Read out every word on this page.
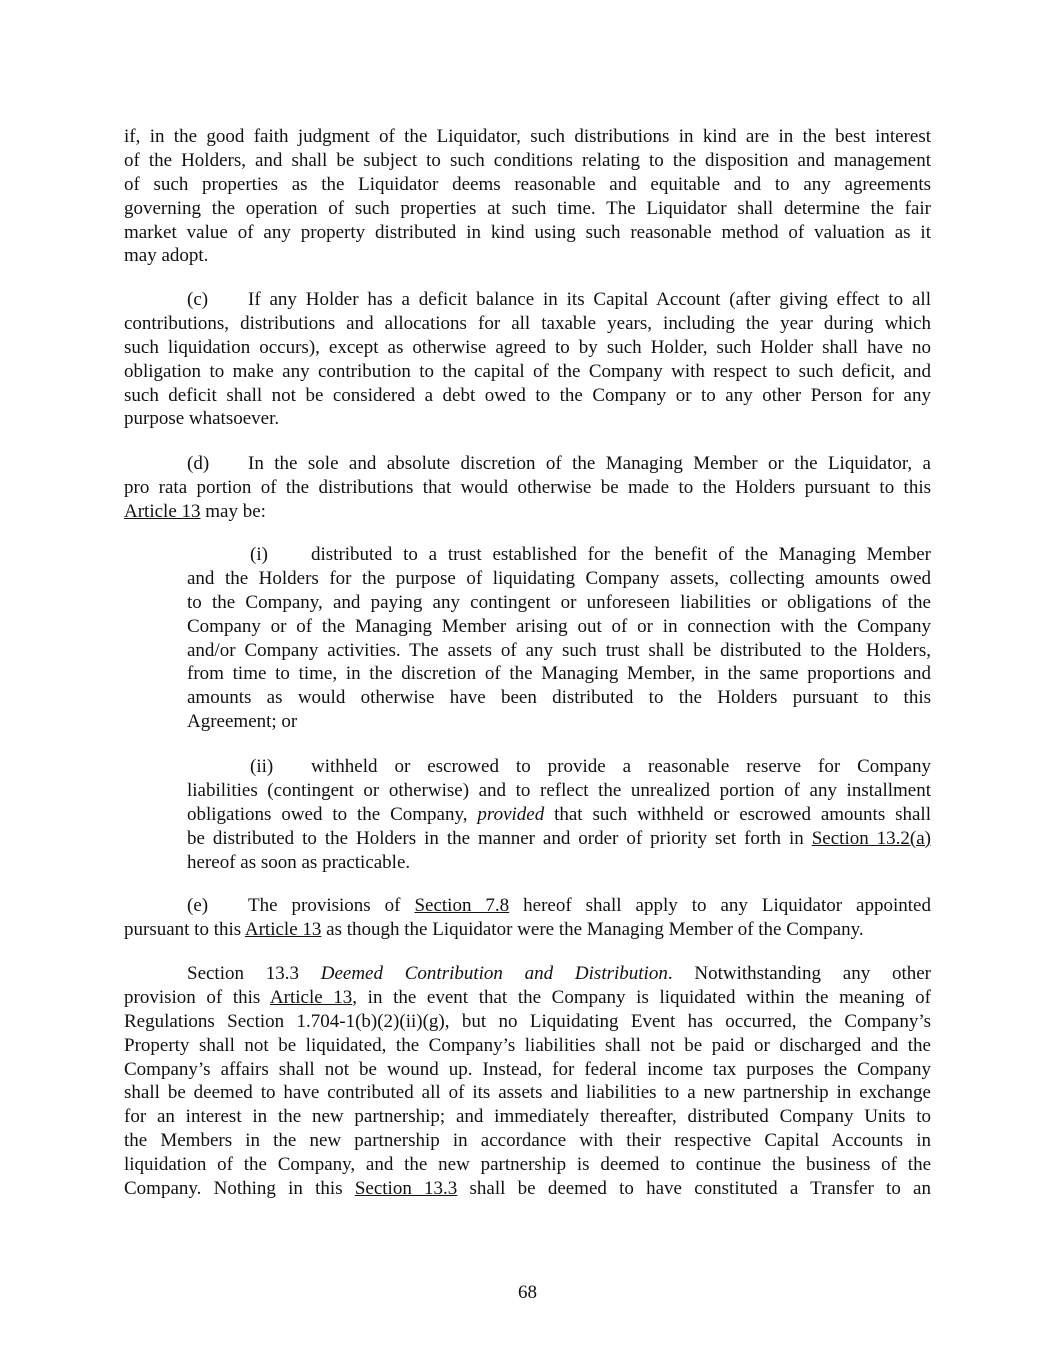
if, in the good faith judgment of the Liquidator, such distributions in kind are in the best interest
of the Holders, and shall be subject to such conditions relating to the disposition and management
of such properties as the Liquidator deems reasonable and equitable and to any agreements
governing the operation of such properties at such time. The Liquidator shall determine the fair
market value of any property distributed in kind using such reasonable method of valuation as it
may adopt.
(c) If any Holder has a deficit balance in its Capital Account (after giving effect to all
contributions, distributions and allocations for all taxable years, including the year during which
such liquidation occurs), except as otherwise agreed to by such Holder, such Holder shall have no
obligation to make any contribution to the capital of the Company with respect to such deficit, and
such deficit shall not be considered a debt owed to the Company or to any other Person for any
purpose whatsoever.
(d) In the sole and absolute discretion of the Managing Member or the Liquidator, a
pro rata portion of the distributions that would otherwise be made to the Holders pursuant to this
Article 13 may be:
(i) distributed to a trust established for the benefit of the Managing Member
and the Holders for the purpose of liquidating Company assets, collecting amounts owed
to the Company, and paying any contingent or unforeseen liabilities or obligations of the
Company or of the Managing Member arising out of or in connection with the Company
and/or Company activities. The assets of any such trust shall be distributed to the Holders,
from time to time, in the discretion of the Managing Member, in the same proportions and
amounts as would otherwise have been distributed to the Holders pursuant to this
Agreement; or
(ii) withheld or escrowed to provide a reasonable reserve for Company
liabilities (contingent or otherwise) and to reflect the unrealized portion of any installment
obligations owed to the Company, provided that such withheld or escrowed amounts shall
be distributed to the Holders in the manner and order of priority set forth in Section 13.2(a)
hereof as soon as practicable.
(e) The provisions of Section 7.8 hereof shall apply to any Liquidator appointed
pursuant to this Article 13 as though the Liquidator were the Managing Member of the Company.
Section 13.3 Deemed Contribution and Distribution. Notwithstanding any other
provision of this Article 13, in the event that the Company is liquidated within the meaning of
Regulations Section 1.704-1(b)(2)(ii)(g), but no Liquidating Event has occurred, the Company’s
Property shall not be liquidated, the Company’s liabilities shall not be paid or discharged and the
Company’s affairs shall not be wound up. Instead, for federal income tax purposes the Company
shall be deemed to have contributed all of its assets and liabilities to a new partnership in exchange
for an interest in the new partnership; and immediately thereafter, distributed Company Units to
the Members in the new partnership in accordance with their respective Capital Accounts in
liquidation of the Company, and the new partnership is deemed to continue the business of the
Company. Nothing in this Section 13.3 shall be deemed to have constituted a Transfer to an
68
